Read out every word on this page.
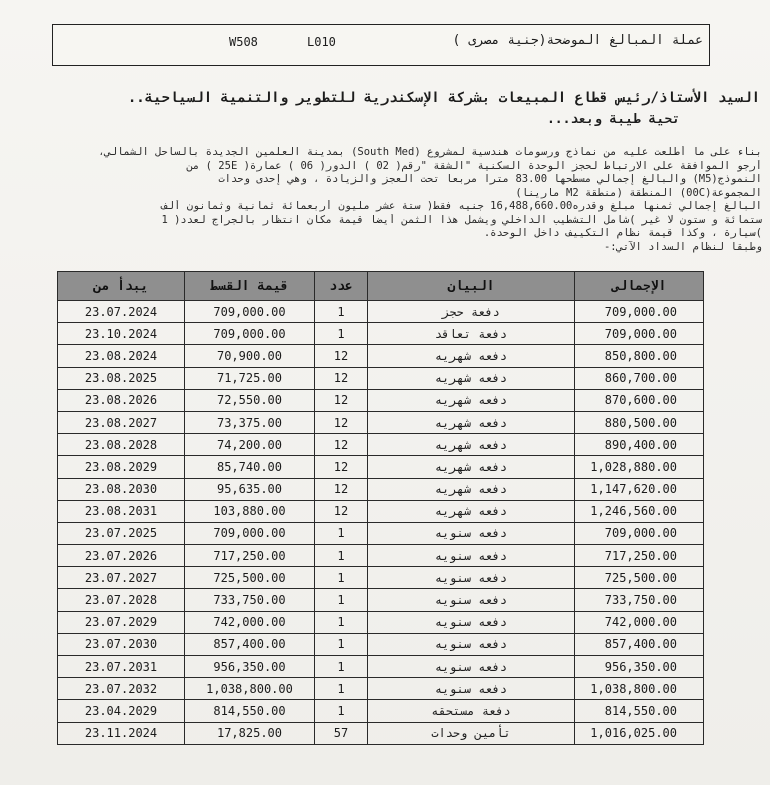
عملة المبالغ الموضحة(جنية مصرى )
W508	L010
السيد الأستاذ/رئيس قطاع المبيعات بشركة الإسكندرية للتطوير والتنمية السياحية..
تحية طيبة وبعد...
بناء على ما أطلعت عليه من نماذج ورسومات هندسية لمشروع (South Med) بمدينة العلمين الجديدة بالساحل الشمالي،
أرجو الموافقة على الارتباط لحجز الوحدة السكنية "الشقة "رقم( 02 ) الدور( 06 ) عمارة( 25E ) من
النموذج(M5) والبالغ إجمالي مسطحها 83.00 مترا مربعا تحت العجز والزيادة ، وهي إحدى وحدات
المجموعة(00C) المنطقة (منطقة M2 مارينا)
البالغ إجمالي ثمنها مبلغ وقدره16,488,660.00 جنيه فقط( ستة عشر مليون أربعمائة ثمانية وثمانون ألف
ستمائة و ستون لا غير )شامل التشطيب الداخلي ويشمل هذا الثمن أيضا قيمة مكان انتظار بالجراج لعدد( 1
)سيارة ، وكذا قيمة نظام التكييف داخل الوحدة.
وطبقا لنظام السداد الآتي:-
يبدأ من	قيمة القسط	عدد	البيان	الإجمالى
23.07.2024	709,000.00	1	دفعة حجز	709,000.00
23.10.2024	709,000.00	1	دفعة تعاقد	709,000.00
23.08.2024	70,900.00	12	دفعه شهريه	850,800.00
23.08.2025	71,725.00	12	دفعه شهريه	860,700.00
23.08.2026	72,550.00	12	دفعه شهريه	870,600.00
23.08.2027	73,375.00	12	دفعه شهريه	880,500.00
23.08.2028	74,200.00	12	دفعه شهريه	890,400.00
23.08.2029	85,740.00	12	دفعه شهريه	1,028,880.00
23.08.2030	95,635.00	12	دفعه شهريه	1,147,620.00
23.08.2031	103,880.00	12	دفعه شهريه	1,246,560.00
23.07.2025	709,000.00	1	دفعه سنويه	709,000.00
23.07.2026	717,250.00	1	دفعه سنويه	717,250.00
23.07.2027	725,500.00	1	دفعه سنويه	725,500.00
23.07.2028	733,750.00	1	دفعه سنويه	733,750.00
23.07.2029	742,000.00	1	دفعه سنويه	742,000.00
23.07.2030	857,400.00	1	دفعه سنويه	857,400.00
23.07.2031	956,350.00	1	دفعه سنويه	956,350.00
23.07.2032	1,038,800.00	1	دفعه سنويه	1,038,800.00
23.04.2029	814,550.00	1	دفعة مستحقه	814,550.00
23.11.2024	17,825.00	57	تأمين وحدات	1,016,025.00
